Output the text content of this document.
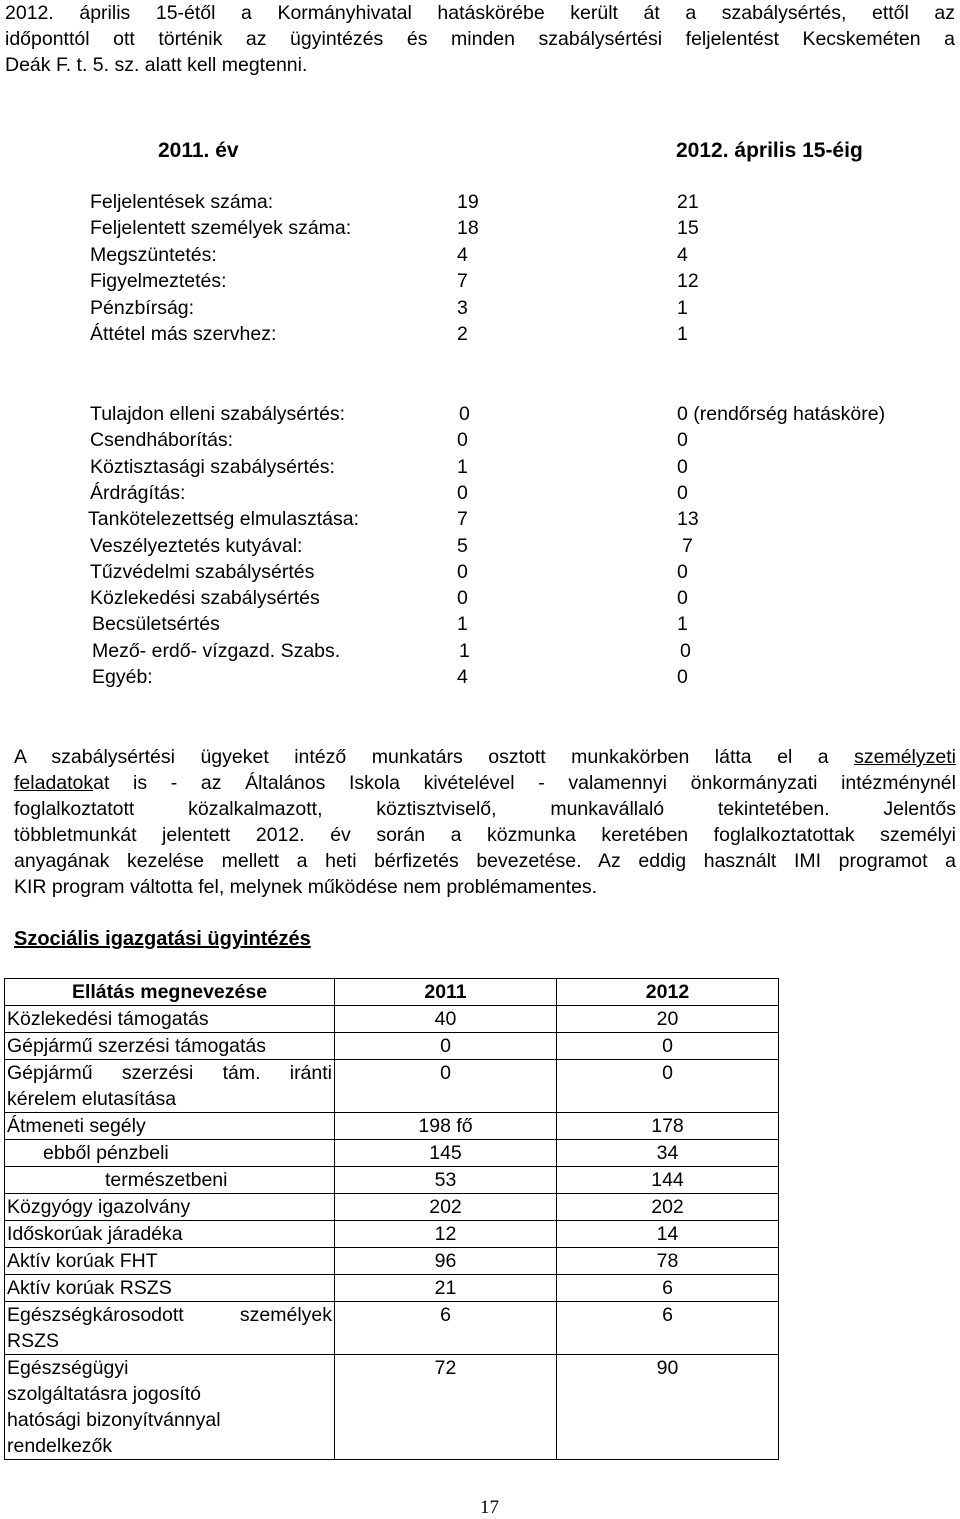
2012. április 15-étől a Kormányhivatal hatáskörébe került át a szabálysértés, ettől az
időponttól ott történik az ügyintézés és minden szabálysértési feljelentést Kecskeméten a
Deák F. t. 5. sz. alatt kell megtenni.
2011. év	2012. április 15-éig
Feljelentések száma:	19	21
Feljelentett személyek száma:	18	15
Megszüntetés:	4	4
Figyelmeztetés:	7	12
Pénzbírság:	3	1
Áttétel más szervhez:	2	1
Tulajdon elleni szabálysértés:	0	0 (rendőrség hatásköre)
Csendháborítás:	0	0
Köztisztasági szabálysértés:	1	0
Árdrágítás:	0	0
Tankötelezettség elmulasztása:	7	13
Veszélyeztetés kutyával:	5	7
Tűzvédelmi szabálysértés	0	0
Közlekedési szabálysértés	0	0
Becsületsértés	1	1
Mező- erdő- vízgazd. Szabs.	1	0
Egyéb:	4	0
A szabálysértési ügyeket intéző munkatárs osztott munkakörben látta el a személyzeti
feladatokat is - az Általános Iskola kivételével - valamennyi önkormányzati intézménynél
foglalkoztatott közalkalmazott, köztisztviselő, munkavállaló tekintetében. Jelentős
többletmunkát jelentett 2012. év során a közmunka keretében foglalkoztatottak személyi
anyagának kezelése mellett a heti bérfizetés bevezetése. Az eddig használt IMI programot a
KIR program váltotta fel, melynek működése nem problémamentes.
Szociális igazgatási ügyintézés
Ellátás megnevezése	2011	2012
Közlekedési támogatás	40	20
Gépjármű szerzési támogatás	0	0
Gépjármű szerzési tám. iránti kérelem elutasítása	0	0
Átmeneti segély	198 fő	178
ebből pénzbeli	145	34
természetbeni	53	144
Közgyógy igazolvány	202	202
Időskorúak járadéka	12	14
Aktív korúak FHT	96	78
Aktív korúak RSZS	21	6
Egészségkárosodott személyek RSZS	6	6
Egészségügyi szolgáltatásra jogosító hatósági bizonyítvánnyal rendelkezők	72	90
17
